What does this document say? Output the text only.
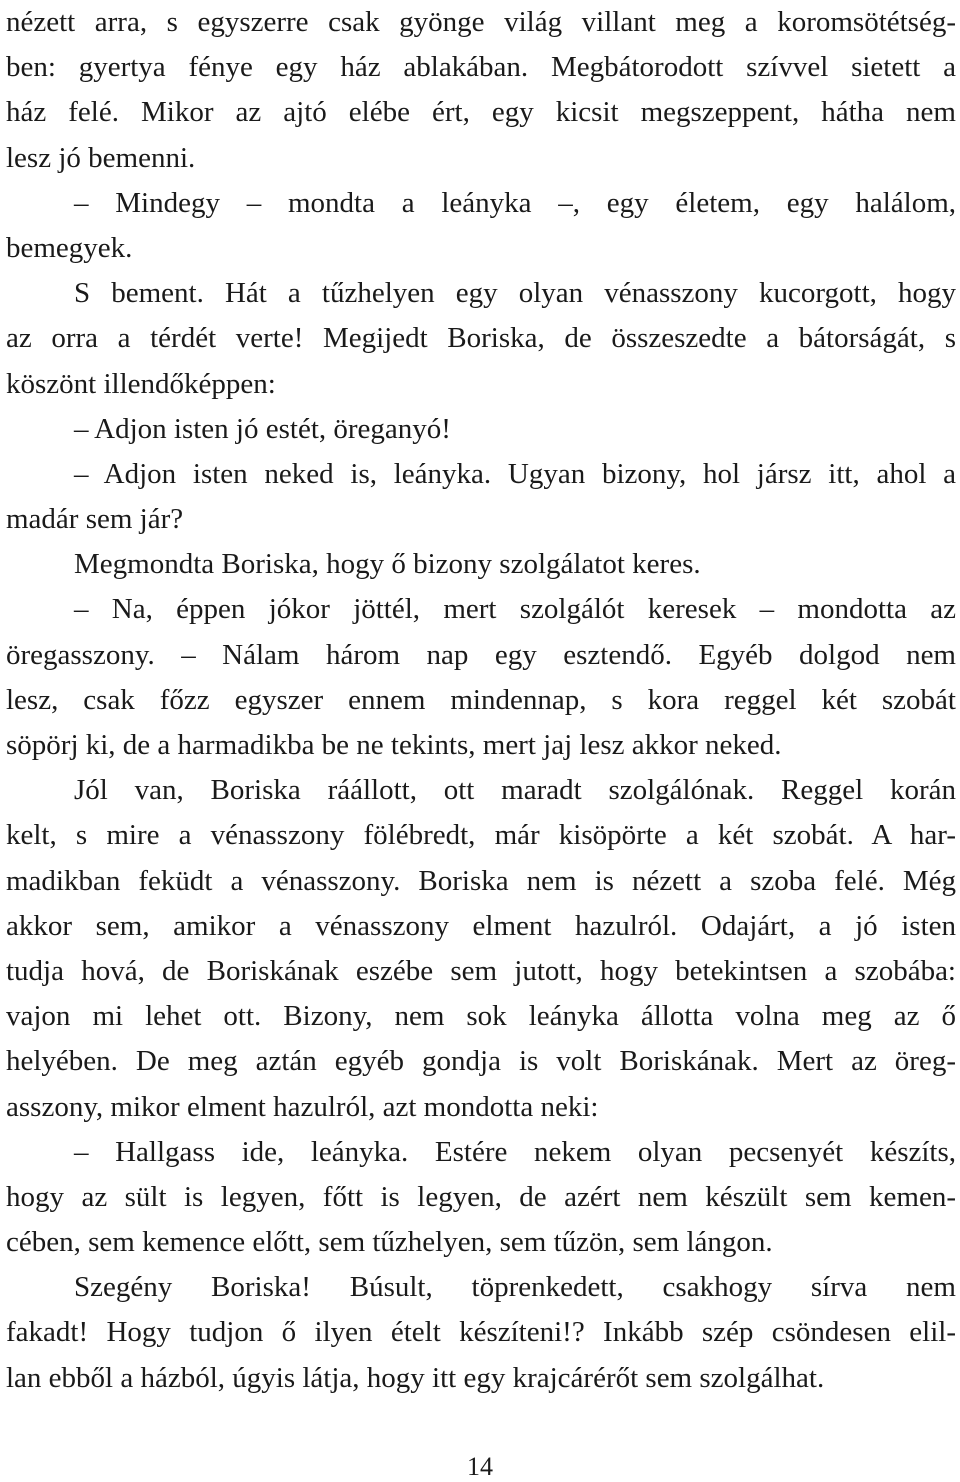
nézett arra, s egyszerre csak gyönge világ villant meg a koromsötétség-
ben: gyertya fénye egy ház ablakában. Megbátorodott szívvel sietett a
ház felé. Mikor az ajtó elébe ért, egy kicsit megszeppent, hátha nem
lesz jó bemenni.
– Mindegy – mondta a leányka –, egy életem, egy halálom,
bemegyek.
S bement. Hát a tűzhelyen egy olyan vénasszony kucorgott, hogy
az orra a térdét verte! Megijedt Boriska, de összeszedte a bátorságát, s
köszönt illendőképpen:
– Adjon isten jó estét, öreganyó!
– Adjon isten neked is, leányka. Ugyan bizony, hol jársz itt, ahol a
madár sem jár?
Megmondta Boriska, hogy ő bizony szolgálatot keres.
– Na, éppen jókor jöttél, mert szolgálót keresek – mondotta az
öregasszony. – Nálam három nap egy esztendő. Egyéb dolgod nem
lesz, csak főzz egyszer ennem mindennap, s kora reggel két szobát
söpörj ki, de a harmadikba be ne tekints, mert jaj lesz akkor neked.
Jól van, Boriska ráállott, ott maradt szolgálónak. Reggel korán
kelt, s mire a vénasszony fölébredt, már kisöpörte a két szobát. A har-
madikban feküdt a vénasszony. Boriska nem is nézett a szoba felé. Még
akkor sem, amikor a vénasszony elment hazulról. Odajárt, a jó isten
tudja hová, de Boriskának eszébe sem jutott, hogy betekintsen a szobába:
vajon mi lehet ott. Bizony, nem sok leányka állotta volna meg az ő
helyében. De meg aztán egyéb gondja is volt Boriskának. Mert az öreg-
asszony, mikor elment hazulról, azt mondotta neki:
– Hallgass ide, leányka. Estére nekem olyan pecsenyét készíts,
hogy az sült is legyen, főtt is legyen, de azért nem készült sem kemen-
cében, sem kemence előtt, sem tűzhelyen, sem tűzön, sem lángon.
Szegény Boriska! Búsult, töprenkedett, csakhogy sírva nem
fakadt! Hogy tudjon ő ilyen ételt készíteni!? Inkább szép csöndesen elil-
lan ebből a házból, úgyis látja, hogy itt egy krajcárérőt sem szolgálhat.
14
